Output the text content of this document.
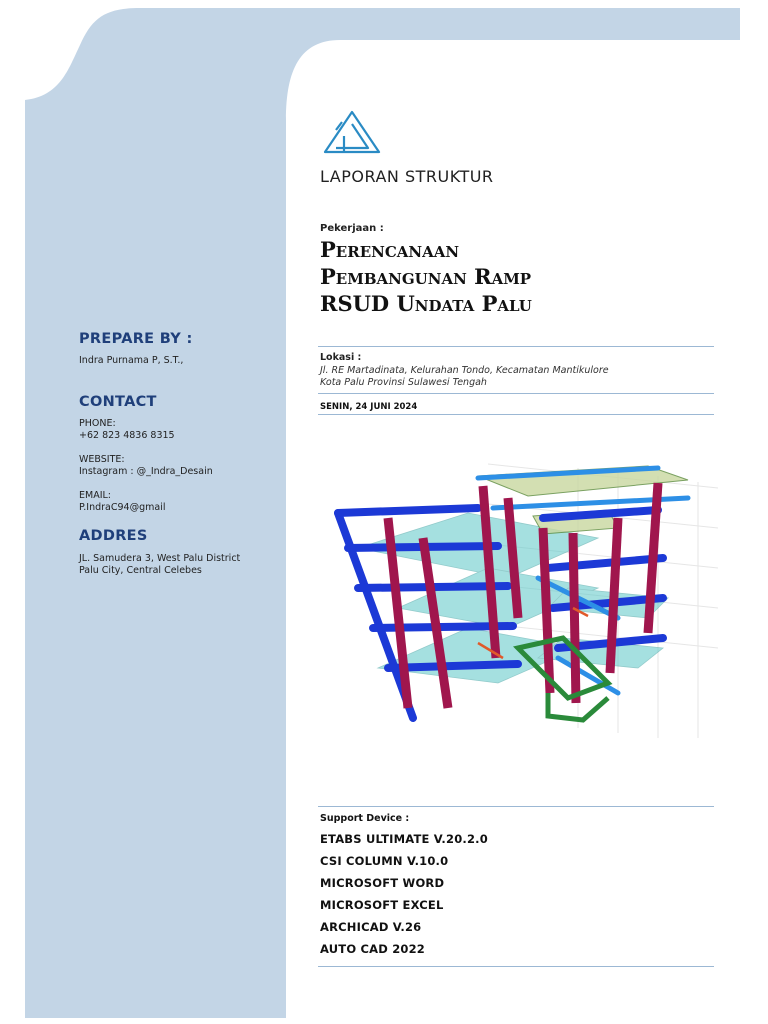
PREPARE BY :
Indra Purnama P, S.T.,
CONTACT
PHONE:
+62 823 4836 8315
WEBSITE:
Instagram : @_Indra_Desain
EMAIL:
P.IndraC94@gmail
ADDRES
JL. Samudera 3, West Palu District
Palu City, Central Celebes
LAPORAN STRUKTUR
Pekerjaan :
Perencanaan
Pembangunan Ramp
RSUD Undata Palu
Lokasi :
Jl. RE Martadinata, Kelurahan Tondo, Kecamatan Mantikulore
Kota Palu Provinsi Sulawesi Tengah
SENIN, 24 JUNI 2024
Support Device :
ETABS ULTIMATE V.20.2.0
CSI COLUMN V.10.0
MICROSOFT WORD
MICROSOFT EXCEL
ARCHICAD V.26
AUTO CAD 2022
